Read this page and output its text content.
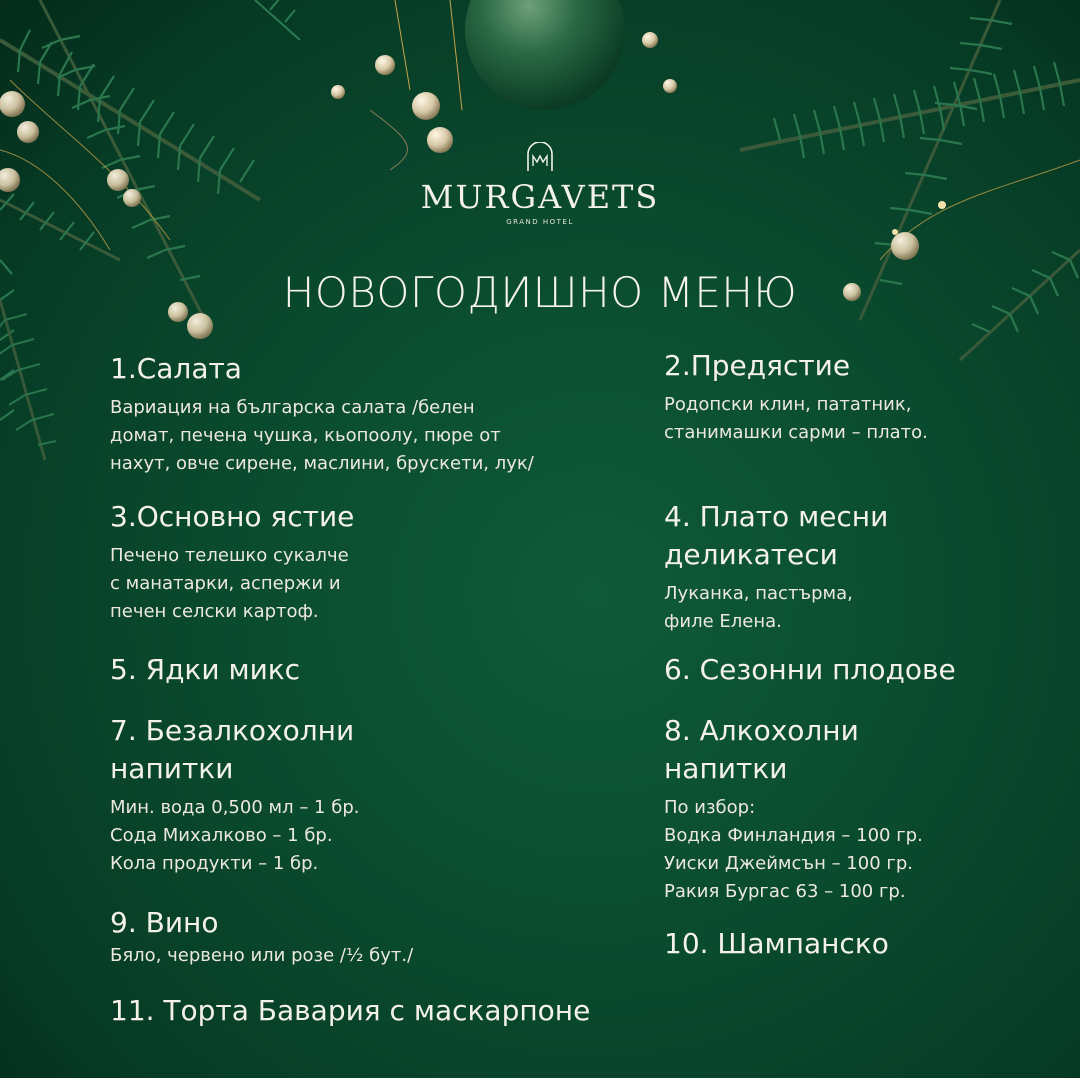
MURGAVETS
GRAND HOTEL
НОВОГОДИШНО МЕНЮ
1.Салата
Вариация на българска салата /белен
домат, печена чушка, кьопоолу, пюре от
нахут, овче сирене, маслини, брускети, лук/
2.Предястие
Родопски клин, пататник,
станимашки сарми – плато.
3.Основно ястие
Печено телешко сукалче
с манатарки, аспержи и
печен селски картоф.
4. Плато месни
деликатеси
Луканка, пастърма,
филе Елена.
5. Ядки микс	6. Сезонни плодове
7. Безалкохолни
напитки
Мин. вода 0,500 мл – 1 бр.
Сода Михалково – 1 бр.
Кола продукти – 1 бр.
8. Алкохолни
напитки
По избор:
Водка Финландия – 100 гр.
Уиски Джеймсън – 100 гр.
Ракия Бургас 63 – 100 гр.
9. Вино
Бяло, червено или розе /½ бут./	10. Шампанско
11. Торта Бавария с маскарпоне
